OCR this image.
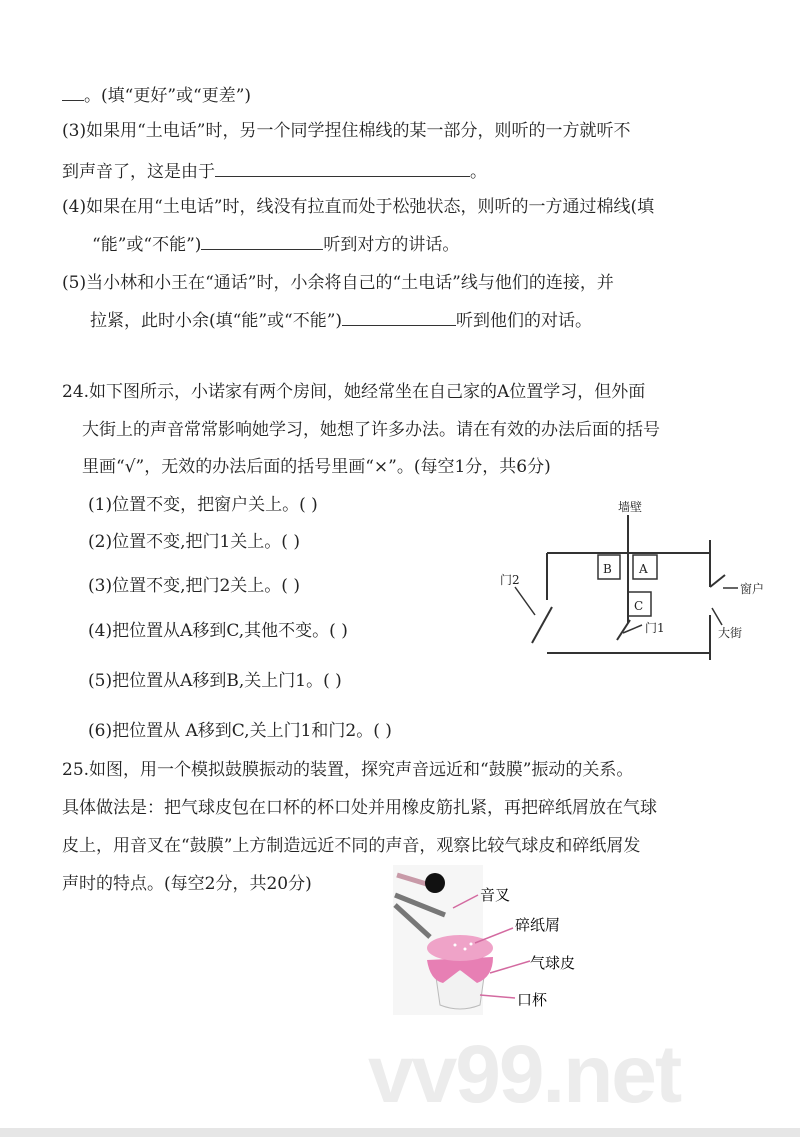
。(填“更好”或“更差”)
(3)如果用“土电话”时，另一个同学捏住棉线的某一部分，则听的一方就听不
到声音了，这是由于	。
(4)如果在用“土电话”时，线没有拉直而处于松弛状态，则听的一方通过棉线(填
“能”或“不能”)	听到对方的讲话。
(5)当小林和小王在“通话”时，小余将自己的“土电话”线与他们的连接，并
拉紧，此时小余(填“能”或“不能”)	听到他们的对话。
24.如下图所示，小诺家有两个房间，她经常坐在自己家的A位置学习，但外面
大街上的声音常常影响她学习，她想了许多办法。请在有效的办法后面的括号
里画“√”，无效的办法后面的括号里画“×”。(每空1分，共6分)
(1)位置不变，把窗户关上。( )
(2)位置不变,把门1关上。( )
(3)位置不变,把门2关上。( )
(4)把位置从A移到C,其他不变。( )
(5)把位置从A移到B,关上门1。( )
(6)把位置从 A移到C,关上门1和门2。( )
墙壁
B A
C
门2
窗户
门1	大街
25.如图，用一个模拟鼓膜振动的装置，探究声音远近和“鼓膜”振动的关系。
具体做法是：把气球皮包在口杯的杯口处并用橡皮筋扎紧，再把碎纸屑放在气球
皮上，用音叉在“鼓膜”上方制造远近不同的声音，观察比较气球皮和碎纸屑发
声时的特点。(每空2分，共20分)
音叉
碎纸屑
气球皮
口杯
vv99.net
